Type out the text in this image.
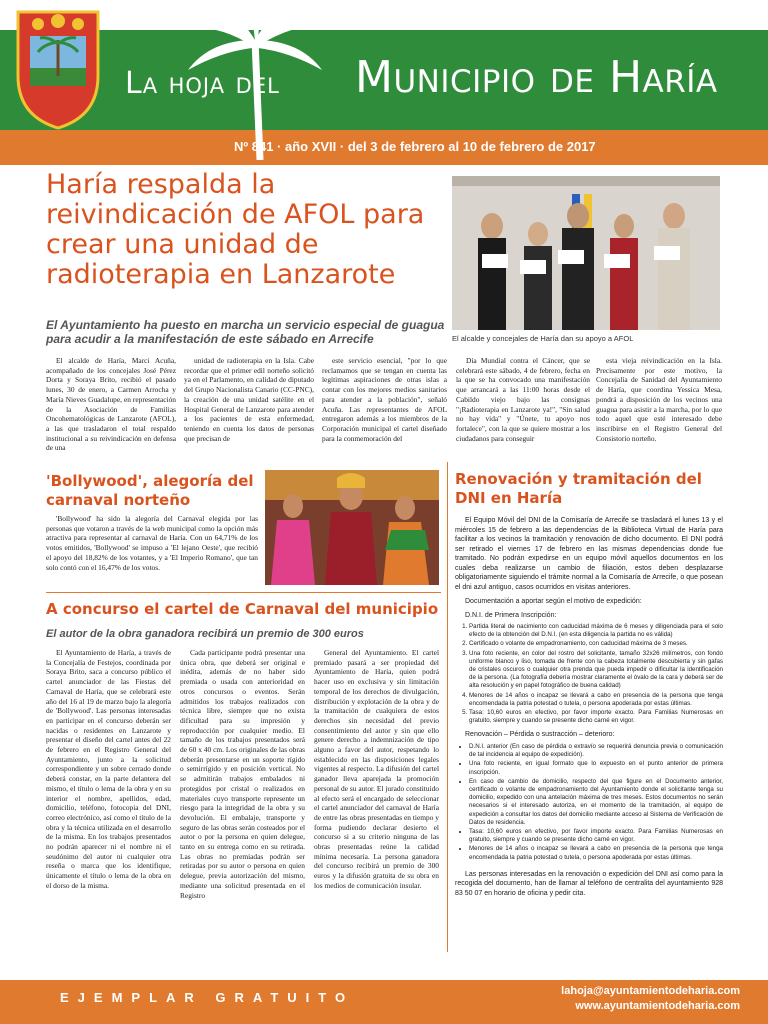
La hoja del Municipio de Haría
Nº 841 · año XVII · del 3 de febrero al 10 de febrero de 2017
Haría respalda la reivindicación de AFOL para crear una unidad de radioterapia en Lanzarote
El alcalde y concejales de Haría dan su apoyo a AFOL
El Ayuntamiento ha puesto en marcha un servicio especial de guagua para acudir a la manifestación de este sábado en Arrecife

El alcalde de Haría, Marci Acuña, acompañado de los concejales José Pérez Dorta y Soraya Brito, recibió el pasado lunes, 30 de enero, a Carmen Arrocha y María Nieves Guadalupe, en representación de la Asociación de Familias Oncohematológicas de Lanzarote (AFOL), a las que trasladaron el total respaldo institucional a su reivindicación en defensa de una

unidad de radioterapia en la Isla. Cabe recordar que el primer edil norteño solicitó ya en el Parlamento, en calidad de diputado del Grupo Nacionalista Canario (CC-PNC), la creación de una unidad satélite en el Hospital General de Lanzarote para atender a los pacientes de esta enfermedad, teniendo en cuenta los datos de personas que precisan de

este servicio esencial, "por lo que reclamamos que se tengan en cuenta las legítimas aspiraciones de otras islas a contar con los mejores medios sanitarios para atender a la población", señaló Acuña. Las representantes de AFOL entregaron además a los miembros de la Corporación municipal el cartel diseñado para la conmemoración del

Día Mundial contra el Cáncer, que se celebrará este sábado, 4 de febrero, fecha en la que se ha convocado una manifestación que arrancará a las 11:00 horas desde el Cabildo viejo bajo las consignas "¡Radioterapia en Lanzarote ya!", "Sin salud no hay vida" y "Únete, tu apoyo nos fortalece", con la que se quiere mostrar a los ciudadanos para conseguir

esta vieja reivindicación en la Isla. Precisamente por este motivo, la Concejalía de Sanidad del Ayuntamiento de Haría, que coordina Yessica Mesa, pondrá a disposición de los vecinos una guagua para asistir a la marcha, por lo que todo aquel que esté interesado debe inscribirse en el Registro General del Consistorio norteño.

'Bollywood', alegoría del carnaval norteño

'Bollywood' ha sido la alegoría del Carnaval elegida por las personas que votaron a través de la web municipal como la opción más atractiva para representar al carnaval de Haría. Con un 64,71% de los votos emitidos, 'Bollywood' se impuso a 'El lejano Oeste', que recibió el apoyo del 18,82% de los votantes, y a 'El Imperio Romano', que tan solo contó con el 16,47% de los votos.

A concurso el cartel de Carnaval del municipio
El autor de la obra ganadora recibirá un premio de 300 euros

El Ayuntamiento de Haría, a través de la Concejalía de Festejos, coordinada por Soraya Brito, saca a concurso público el cartel anunciador de las Fiestas del Carnaval de Haría, que se celebrará este año del 16 al 19 de marzo bajo la alegoría de 'Bollywood'. Las personas interesadas en participar en el concurso deberán ser nacidas o residentes en Lanzarote y presentar el diseño del cartel antes del 22 de febrero en el Registro General del Ayuntamiento, junto a la solicitud correspondiente y un sobre cerrado donde deberá constar, en la parte delantera del mismo, el título o lema de la obra y en su interior el nombre, apellidos, edad, domicilio, teléfono, fotocopia del DNI, correo electrónico, así como el título de la obra y la técnica utilizada en el desarrollo de la misma. En los trabajos presentados no podrán aparecer ni el nombre ni el seudónimo del autor ni cualquier otra reseña o marca que los identifique, únicamente el título o lema de la obra en el dorso de la misma.

Cada participante podrá presentar una única obra, que deberá ser original e inédita, además de no haber sido premiada o usada con anterioridad en otros concursos o eventos. Serán admitidos los trabajos realizados con técnica libre, siempre que no exista dificultad para su impresión y reproducción por cualquier medio. El tamaño de los trabajos presentados será de 60 x 40 cm. Los originales de las obras deberán presentarse en un soporte rígido o semirrígido y en posición vertical. No se admitirán trabajos embalados ni protegidos por cristal o realizados en materiales cuyo transporte represente un riesgo para la integridad de la obra y su devolución. El embalaje, transporte y seguro de las obras serán costeados por el autor o por la persona en quien delegue, tanto en su entrega como en su retirada. Las obras no premiadas podrán ser retiradas por su autor o persona en quien delegue, previa autorización del mismo, mediante una solicitud presentada en el Registro

General del Ayuntamiento. El cartel premiado pasará a ser propiedad del Ayuntamiento de Haría, quien podrá hacer uso en exclusiva y sin limitación temporal de los derechos de divulgación, distribución y explotación de la obra y de la tramitación de cualquiera de estos derechos sin necesidad del previo consentimiento del autor y sin que ello genere derecho a indemnización de tipo alguno a favor del autor, respetando lo establecido en las disposiciones legales vigentes al respecto. La difusión del cartel ganador lleva aparejada la promoción personal de su autor. El jurado constituido al efecto será el encargado de seleccionar el cartel anunciador del carnaval de Haría de entre las obras presentadas en tiempo y forma pudiendo declarar desierto el concurso si a su criterio ninguna de las obras presentadas reúne la calidad mínima necesaria. La persona ganadora del concurso recibirá un premio de 300 euros y la difusión gratuita de su obra en los medios de comunicación insular.

Renovación y tramitación del DNI en Haría

El Equipo Móvil del DNI de la Comisaría de Arrecife se trasladará el lunes 13 y el miércoles 15 de febrero a las dependencias de la Biblioteca Virtual de Haría para facilitar a los vecinos la tramitación y renovación de dicho documento. El DNI podrá ser retirado el viernes 17 de febrero en las mismas dependencias donde fue tramitado. No podrán expedirse en un equipo móvil aquellos documentos en los cuales deba realizarse un cambio de filiación, estos deben desplazarse obligatoriamente siguiendo el trámite normal a la Comisaría de Arrecife, o que posean el dni azul antiguo, casos ocurridos en visitas anteriores.

Documentación a aportar según el motivo de expedición:

D.N.I. de Primera Inscripción:

1. Partida literal de nacimiento con caducidad máxima de 6 meses y diligenciada para el solo efecto de la obtención del D.N.I. (en esta diligencia la partida no es válida)
2. Certificado o volante de empadronamiento, con caducidad máxima de 3 meses.
3. Una foto reciente, en color del rostro del solicitante, tamaño 32x26 milímetros, con fondo uniforme blanco y liso, tomada de frente con la cabeza totalmente descubierta y sin gafas de cristales oscuros o cualquier otra prenda que pueda impedir o dificultar la identificación de la persona. (La fotografía debería mostrar claramente el óvalo de la cara y deberá ser de alta resolución y en papel fotográfico de buena calidad)
4. Menores de 14 años o incapaz se llevará a cabo en presencia de la persona que tenga encomendada la patria potestad o tutela, o persona apoderada por estas últimas.
5. Tasa: 10,60 euros en efectivo, por favor importe exacto. Para Familias Numerosas en gratuito, siempre y cuando se presente dicho carné en vigor.

Renovación – Pérdida o sustracción – deterioro:

• D.N.I. anterior (En caso de pérdida o extravío se requerirá denuncia previa o comunicación de tal incidencia al equipo de expedición).
• Una foto reciente, en igual formato que lo expuesto en el punto anterior de primera inscripción.
• En caso de cambio de domicilio, respecto del que figure en el Documento anterior, certificado o volante de empadronamiento del Ayuntamiento donde el solicitante tenga su domicilio, expedido con una antelación máxima de tres meses. Estos documentos no serán necesarios si el interesado autoriza, en el momento de la tramitación, al equipo de expedición a consultar los datos del domicilio mediante acceso al Sistema de Verificación de Datos de residencia.
• Tasa: 10,60 euros en efectivo, por favor importe exacto. Para Familias Numerosas en gratuito, siempre y cuando se presente dicho carné en vigor.
• Menores de 14 años o incapaz se llevará a cabo en presencia de la persona que tenga encomendada la patria potestad o tutela, o persona apoderada por estas últimas.

Las personas interesadas en la renovación o expedición del DNI así como para la recogida del documento, han de llamar al teléfono de centralita del ayuntamiento 928 83 50 07 en horario de oficina y pedir cita.

EJEMPLAR GRATUITO	lahoja@ayuntamientodeharia.com
www.ayuntamientodeharia.com
